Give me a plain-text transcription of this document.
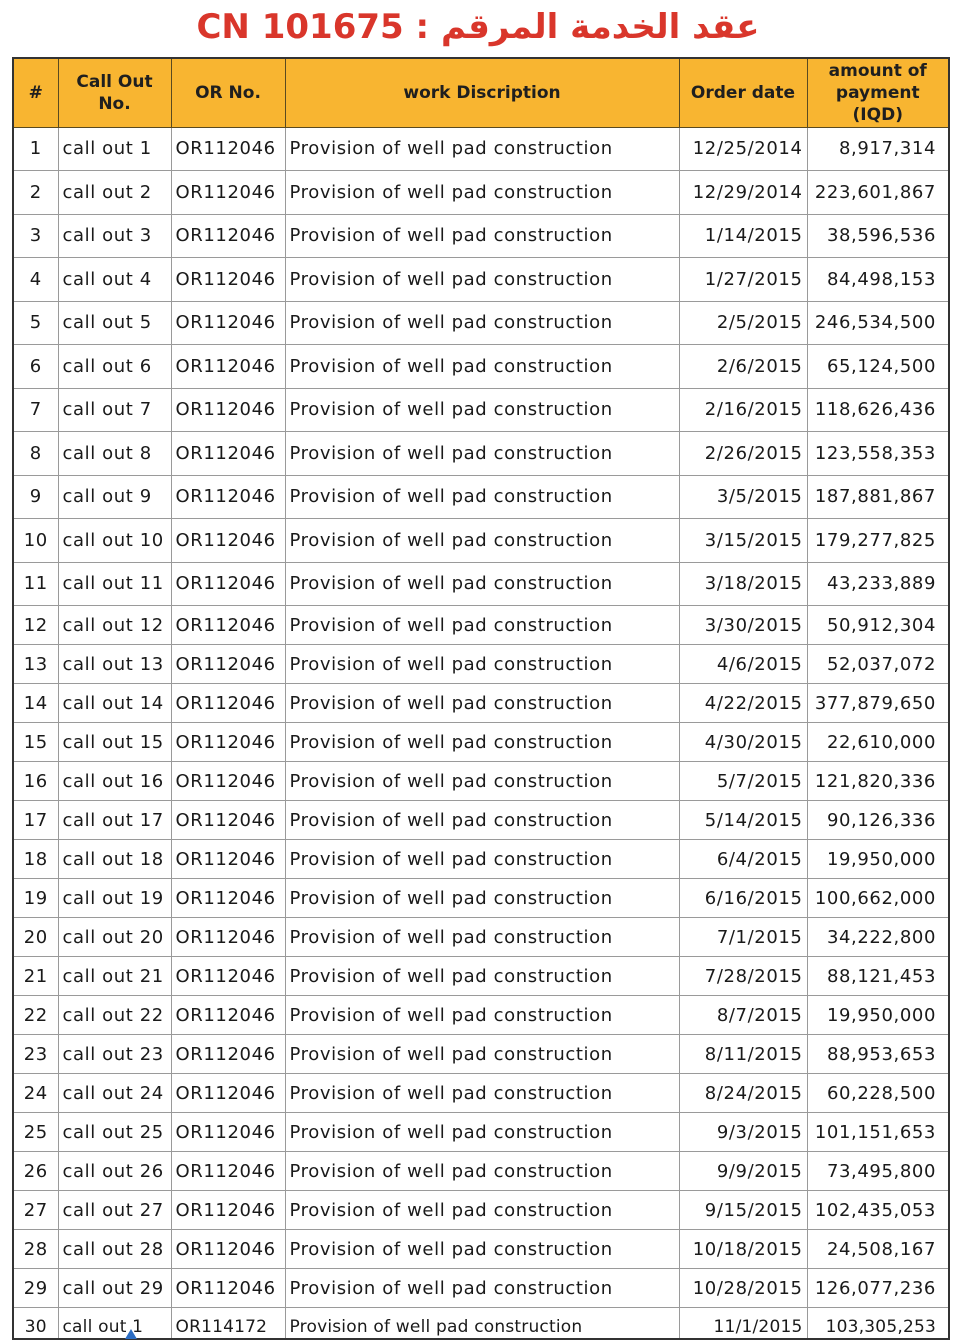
CN 101675 : عقد الخدمة المرقم
#	Call Out No.	OR No.	work Discription	Order date	amount of payment (IQD)
1	call out 1	OR112046	Provision of well pad construction	12/25/2014	8,917,314
2	call out 2	OR112046	Provision of well pad construction	12/29/2014	223,601,867
3	call out 3	OR112046	Provision of well pad construction	1/14/2015	38,596,536
4	call out 4	OR112046	Provision of well pad construction	1/27/2015	84,498,153
5	call out 5	OR112046	Provision of well pad construction	2/5/2015	246,534,500
6	call out 6	OR112046	Provision of well pad construction	2/6/2015	65,124,500
7	call out 7	OR112046	Provision of well pad construction	2/16/2015	118,626,436
8	call out 8	OR112046	Provision of well pad construction	2/26/2015	123,558,353
9	call out 9	OR112046	Provision of well pad construction	3/5/2015	187,881,867
10	call out 10	OR112046	Provision of well pad construction	3/15/2015	179,277,825
11	call out 11	OR112046	Provision of well pad construction	3/18/2015	43,233,889
12	call out 12	OR112046	Provision of well pad construction	3/30/2015	50,912,304
13	call out 13	OR112046	Provision of well pad construction	4/6/2015	52,037,072
14	call out 14	OR112046	Provision of well pad construction	4/22/2015	377,879,650
15	call out 15	OR112046	Provision of well pad construction	4/30/2015	22,610,000
16	call out 16	OR112046	Provision of well pad construction	5/7/2015	121,820,336
17	call out 17	OR112046	Provision of well pad construction	5/14/2015	90,126,336
18	call out 18	OR112046	Provision of well pad construction	6/4/2015	19,950,000
19	call out 19	OR112046	Provision of well pad construction	6/16/2015	100,662,000
20	call out 20	OR112046	Provision of well pad construction	7/1/2015	34,222,800
21	call out 21	OR112046	Provision of well pad construction	7/28/2015	88,121,453
22	call out 22	OR112046	Provision of well pad construction	8/7/2015	19,950,000
23	call out 23	OR112046	Provision of well pad construction	8/11/2015	88,953,653
24	call out 24	OR112046	Provision of well pad construction	8/24/2015	60,228,500
25	call out 25	OR112046	Provision of well pad construction	9/3/2015	101,151,653
26	call out 26	OR112046	Provision of well pad construction	9/9/2015	73,495,800
27	call out 27	OR112046	Provision of well pad construction	9/15/2015	102,435,053
28	call out 28	OR112046	Provision of well pad construction	10/18/2015	24,508,167
29	call out 29	OR112046	Provision of well pad construction	10/28/2015	126,077,236
30	call out 1	OR114172	Provision of well pad construction	11/1/2015	103,305,253
